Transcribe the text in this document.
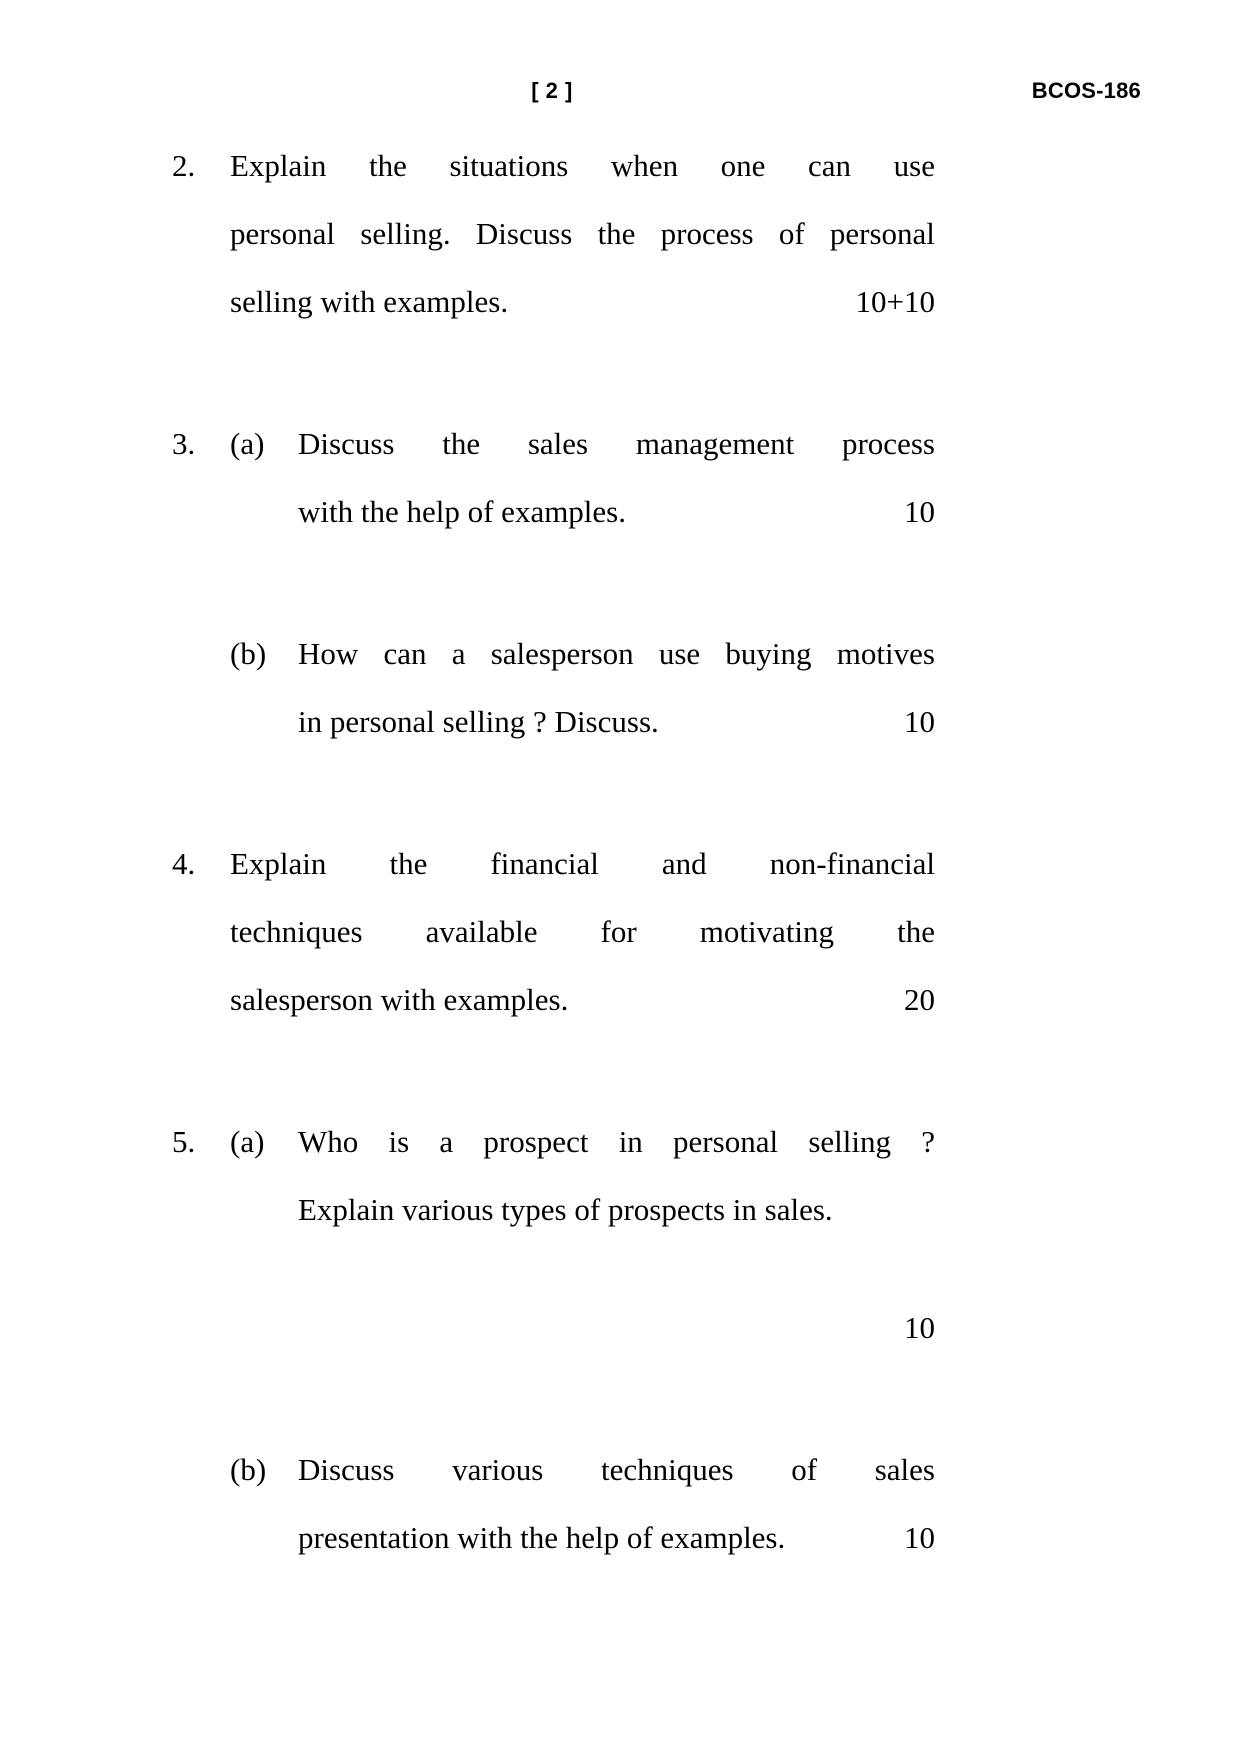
[ 2 ]	BCOS-186
2.	Explain the situations when one can use
personal selling. Discuss the process of personal
selling with examples.	10+10
3.	(a)	Discuss the sales management process
with the help of examples.	10
(b)	How can a salesperson use buying motives
in personal selling ? Discuss.	10
4.	Explain the financial and non-financial
techniques available for motivating the
salesperson with examples.	20
5.	(a)	Who is a prospect in personal selling ?
Explain various types of prospects in sales.
10
(b)	Discuss various techniques of sales
presentation with the help of examples.	10
